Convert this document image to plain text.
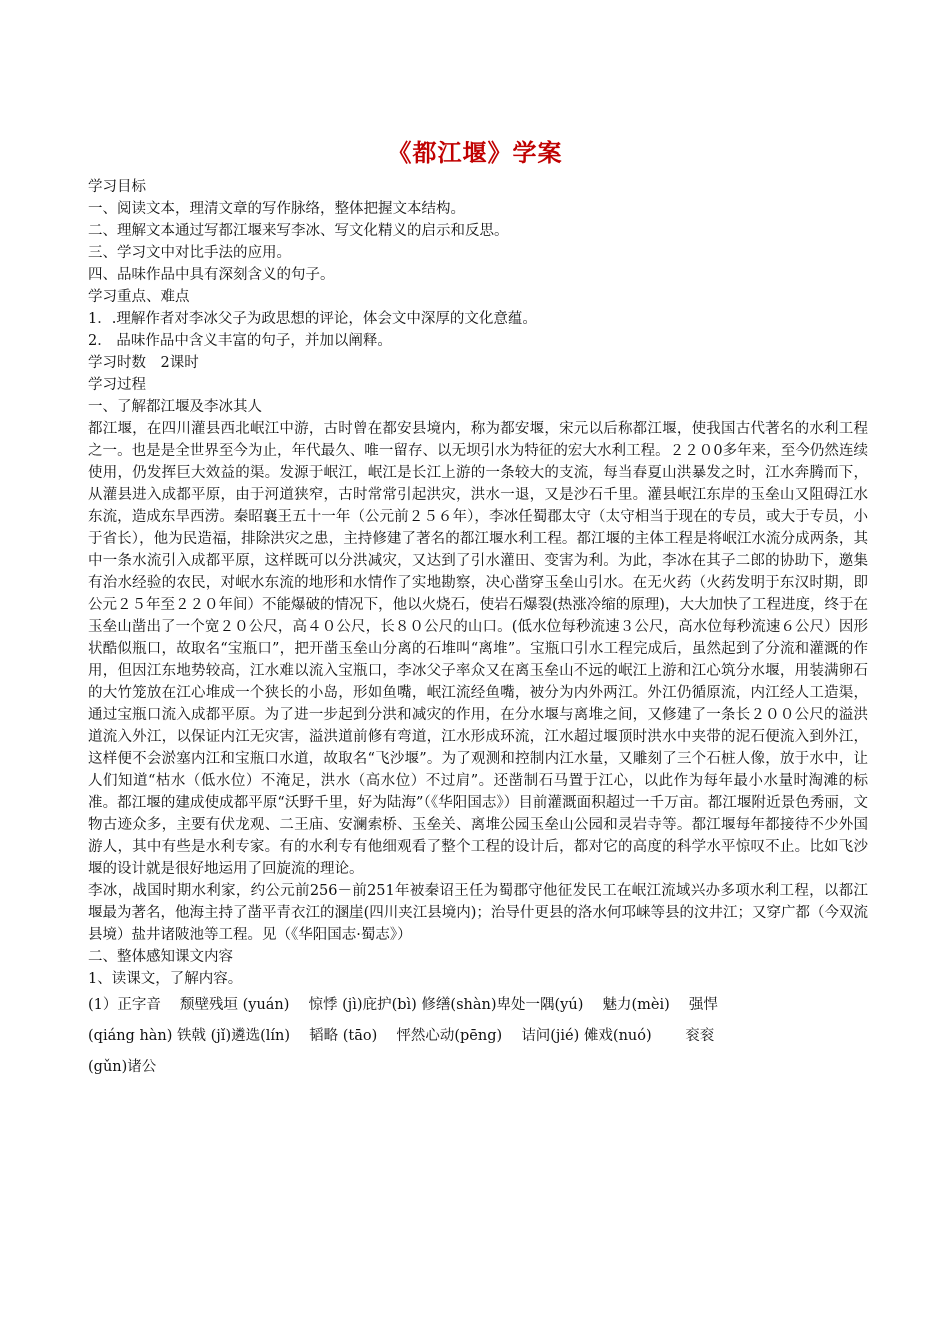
《都江堰》学案
学习目标
一、阅读文本，理清文章的写作脉络，整体把握文本结构。
二、理解文本通过写都江堰来写李冰、写文化精义的启示和反思。
三、学习文中对比手法的应用。
四、品味作品中具有深刻含义的句子。
学习重点、难点
1．.理解作者对李冰父子为政思想的评论，体会文中深厚的文化意蕴。
2． 品味作品中含义丰富的句子，并加以阐释。
学习时数　2课时
学习过程
一、了解都江堰及李冰其人
都江堰，在四川灌县西北岷江中游，古时曾在都安县境内，称为都安堰，宋元以后称都江堰，使我国古代著名的水利工程之一。也是是全世界至今为止，年代最久、唯一留存、以无坝引水为特征的宏大水利工程。２２０0多年来，至今仍然连续使用，仍发挥巨大效益的渠。发源于岷江，岷江是长江上游的一条较大的支流，每当春夏山洪暴发之时，江水奔腾而下，从灌县进入成都平原，由于河道狭窄，古时常常引起洪灾，洪水一退，又是沙石千里。灌县岷江东岸的玉垒山又阻碍江水东流，造成东旱西涝。秦昭襄王五十一年（公元前２５６年），李冰任蜀郡太守（太守相当于现在的专员，或大于专员，小于省长），他为民造福，排除洪灾之患，主持修建了著名的都江堰水利工程。都江堰的主体工程是将岷江水流分成两条，其中一条水流引入成都平原，这样既可以分洪减灾，又达到了引水灌田、变害为利。为此，李冰在其子二郎的协助下，邀集有治水经验的农民，对岷水东流的地形和水情作了实地勘察，决心凿穿玉垒山引水。在无火药（火药发明于东汉时期，即公元２５年至２２０年间）不能爆破的情况下，他以火烧石，使岩石爆裂(热涨冷缩的原理)，大大加快了工程进度，终于在玉垒山凿出了一个宽２０公尺，高４０公尺，长８０公尺的山口。(低水位每秒流速３公尺，高水位每秒流速６公尺）因形状酷似瓶口，故取名“宝瓶口”，把开凿玉垒山分离的石堆叫“离堆”。宝瓶口引水工程完成后，虽然起到了分流和灌溉的作用，但因江东地势较高，江水难以流入宝瓶口，李冰父子率众又在离玉垒山不远的岷江上游和江心筑分水堰，用装满卵石的大竹笼放在江心堆成一个狭长的小岛，形如鱼嘴，岷江流经鱼嘴，被分为内外两江。外江仍循原流，内江经人工造渠，通过宝瓶口流入成都平原。为了进一步起到分洪和减灾的作用，在分水堰与离堆之间，又修建了一条长２００公尺的溢洪道流入外江，以保证内江无灾害，溢洪道前修有弯道，江水形成环流，江水超过堰顶时洪水中夹带的泥石便流入到外江，这样便不会淤塞内江和宝瓶口水道，故取名“飞沙堰”。为了观测和控制内江水量，又雕刻了三个石桩人像，放于水中，让人们知道“枯水（低水位）不淹足，洪水（高水位）不过肩”。还凿制石马置于江心，以此作为每年最小水量时淘滩的标准。都江堰的建成使成都平原“沃野千里，好为陆海”（《华阳国志》）目前灌溉面积超过一千万亩。都江堰附近景色秀丽，文物古迹众多，主要有伏龙观、二王庙、安澜索桥、玉垒关、离堆公园玉垒山公园和灵岩寺等。都江堰每年都接待不少外国游人，其中有些是水利专家。有的水利专有他细观看了整个工程的设计后，都对它的高度的科学水平惊叹不止。比如飞沙堰的设计就是很好地运用了回旋流的理论。
李冰，战国时期水利家，约公元前256－前251年被秦诏王任为蜀郡守他征发民工在岷江流域兴办多项水利工程，以都江堰最为著名，他海主持了凿平青衣江的溷崖(四川夹江县境内)；治导什更县的洛水何邛崃等县的汶井江；又穿广都（今双流县境）盐井诸陂池等工程。见（《华阳国志·蜀志》）
二、整体感知课文内容
1、读课文，了解内容。
(1）正字音　 颓壁残垣 (yuán)　 惊悸 (jì)庇护(bì) 修缮(shàn)卑处一隅(yú)　 魅力(mèi)　 强悍
(qiáng hàn) 铁戟 (jǐ)遴选(lín)　 韬略 (tāo)　 怦然心动(pēng)　 诘问(jié) 傩戏(nuó)　　 衮衮
(gǔn)诸公
